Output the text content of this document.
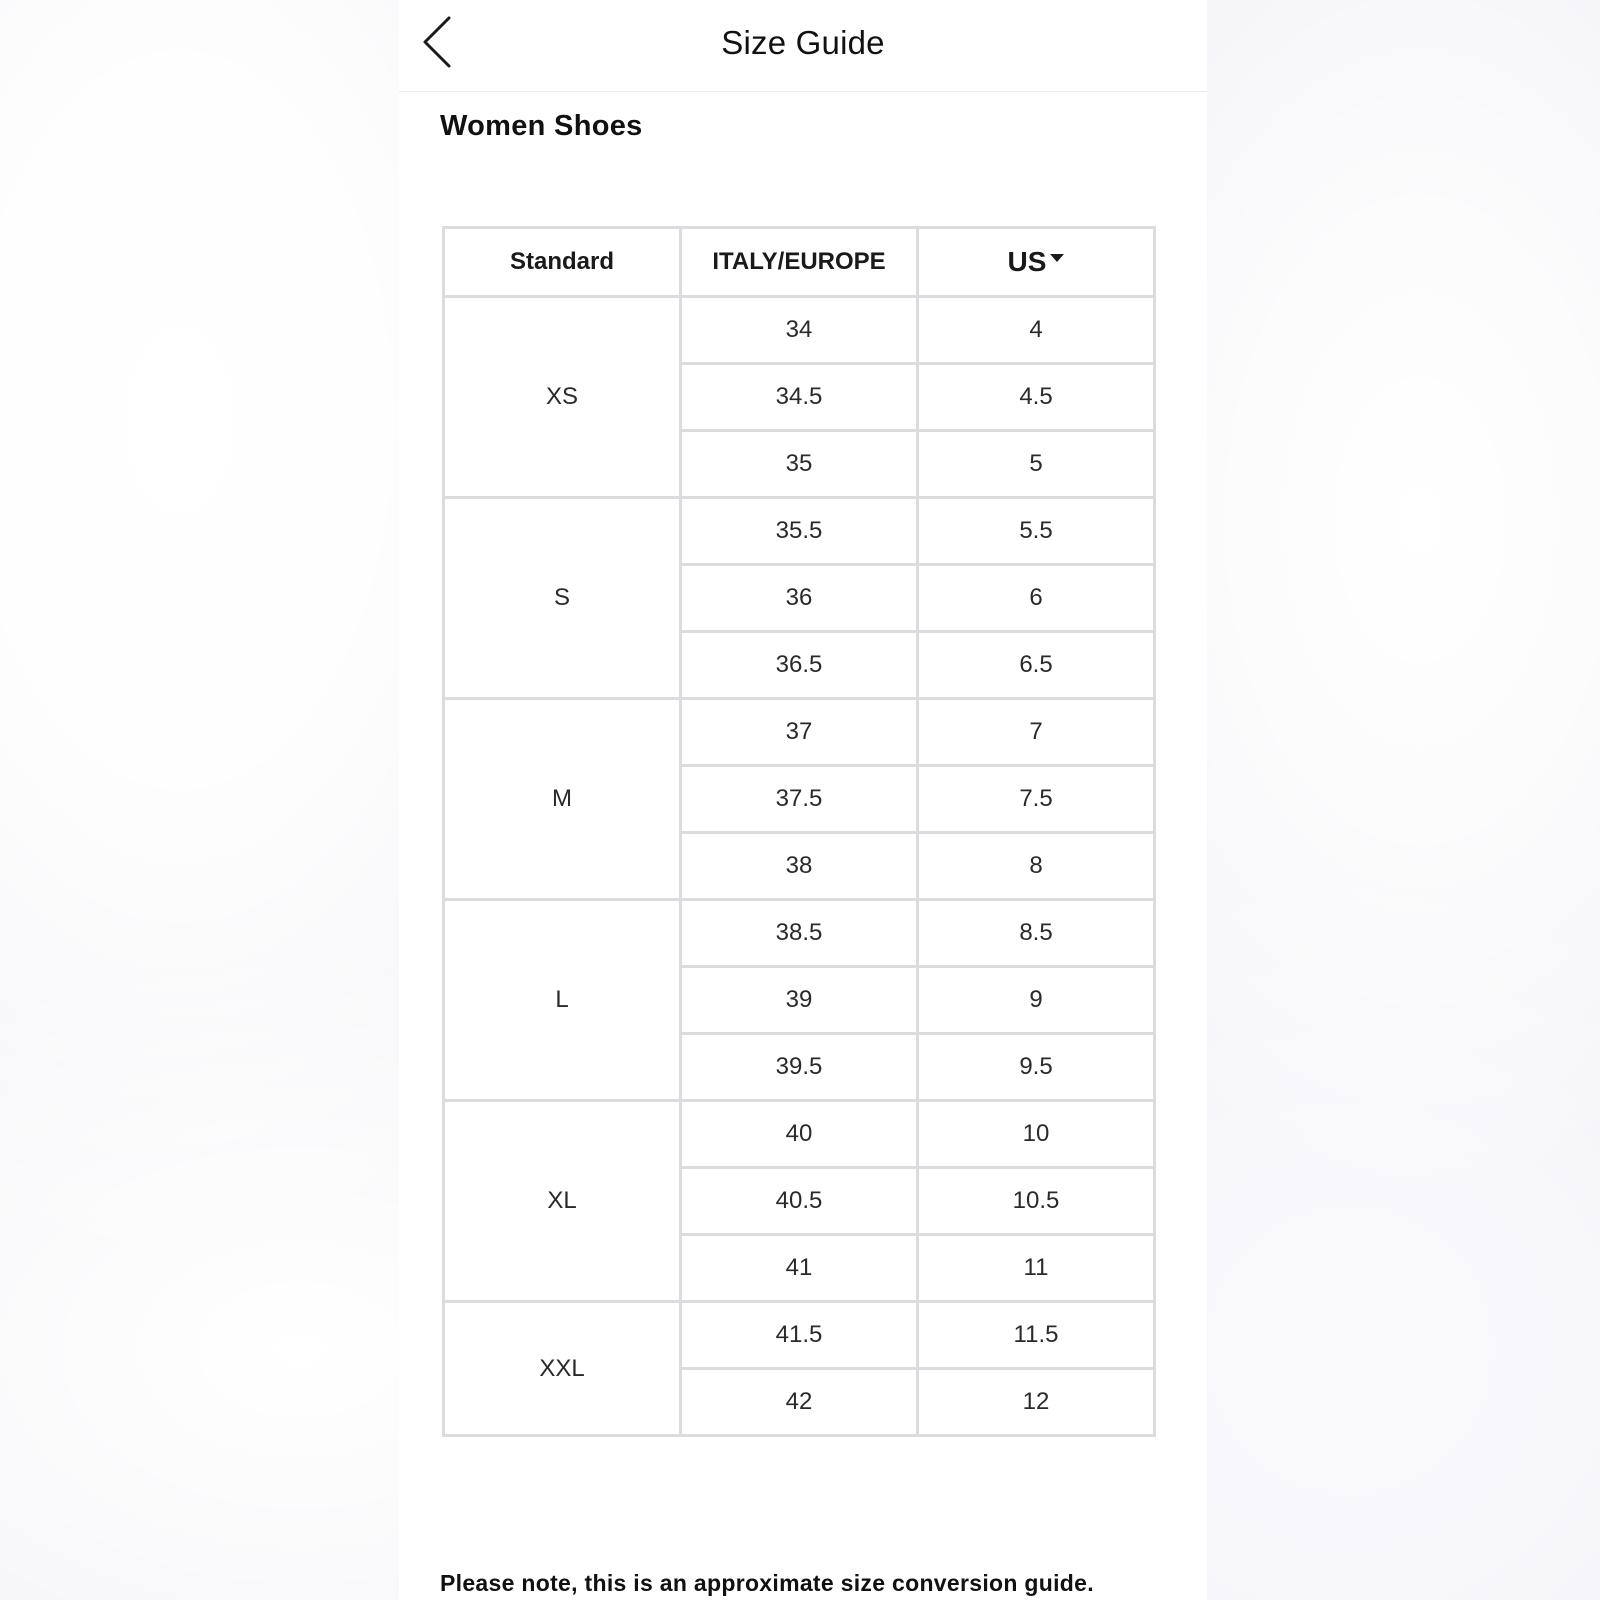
Size Guide
Women Shoes
Standard	ITALY/EUROPE	US
XS	34	4
	34.5	4.5
	35	5
S	35.5	5.5
	36	6
	36.5	6.5
M	37	7
	37.5	7.5
	38	8
L	38.5	8.5
	39	9
	39.5	9.5
XL	40	10
	40.5	10.5
	41	11
XXL	41.5	11.5
	42	12
Please note, this is an approximate size conversion guide.
